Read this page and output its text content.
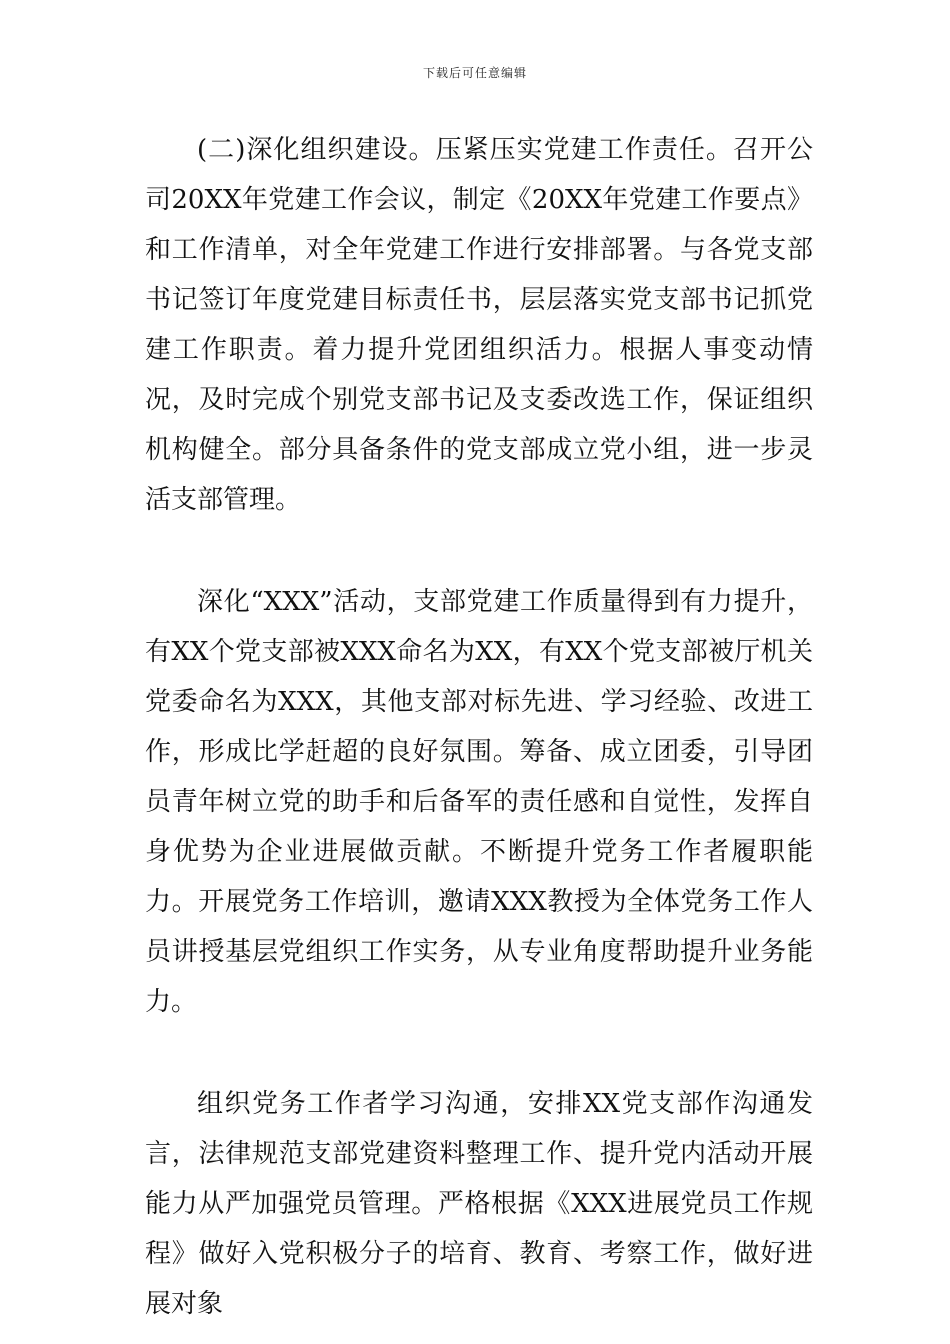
下载后可任意编辑

(二)深化组织建设。压紧压实党建工作责任。召开公司20XX年党建工作会议，制定《20XX年党建工作要点》和工作清单，对全年党建工作进行安排部署。与各党支部书记签订年度党建目标责任书，层层落实党支部书记抓党建工作职责。着力提升党团组织活力。根据人事变动情况，及时完成个别党支部书记及支委改选工作，保证组织机构健全。部分具备条件的党支部成立党小组，进一步灵活支部管理。

深化“XXX”活动，支部党建工作质量得到有力提升，有XX个党支部被XXX命名为XX，有XX个党支部被厅机关党委命名为XXX，其他支部对标先进、学习经验、改进工作，形成比学赶超的良好氛围。筹备、成立团委，引导团员青年树立党的助手和后备军的责任感和自觉性，发挥自身优势为企业进展做贡献。不断提升党务工作者履职能力。开展党务工作培训，邀请XXX教授为全体党务工作人员讲授基层党组织工作实务，从专业角度帮助提升业务能力。

组织党务工作者学习沟通，安排XX党支部作沟通发言，法律规范支部党建资料整理工作、提升党内活动开展能力从严加强党员管理。严格根据《XXX进展党员工作规程》做好入党积极分子的培育、教育、考察工作，做好进展对象
